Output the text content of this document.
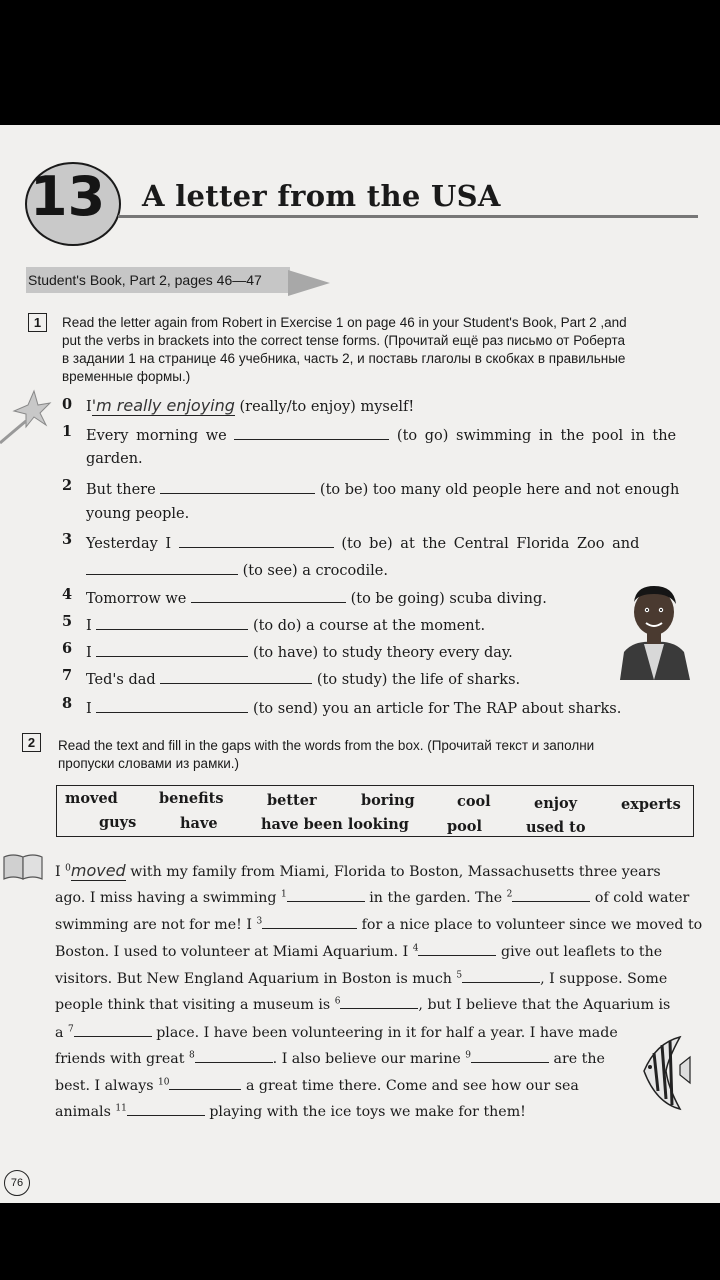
13 A letter from the USA
Student's Book, Part 2, pages 46—47
1	Read the letter again from Robert in Exercise 1 on page 46 in your Student's Book, Part 2 ,and
put the verbs in brackets into the correct tense forms. (Прочитай ещё раз письмо от Роберта
в задании 1 на странице 46 учебника, часть 2, и поставь глаголы в скобках в правильные
временные формы.)
0 I'm really enjoying (really/to enjoy) myself!
1 Every morning we	(to go) swimming in the pool in the
garden.
2 But there	(to be) too many old people here and not enough
young people.
3 Yesterday I	(to be) at the Central Florida Zoo and
(to see) a crocodile.
4 Tomorrow we	(to be going) scuba diving.
5 I	(to do) a course at the moment.
6 I	(to have) to study theory every day.
7 Ted's dad	(to study) the life of sharks.
8 I	(to send) you an article for The RAP about sharks.
2	Read the text and fill in the gaps with the words from the box. (Прочитай текст и заполни
пропуски словами из рамки.)
moved	benefits	better	boring	cool	enjoy	experts
guys	have	have been looking	pool	used to
I $^0$moved with my family from Miami, Florida to Boston, Massachusetts three years
ago. I miss having a swimming $^1$	in the garden. The $^2$	of cold water
swimming are not for me! I $^3$	for a nice place to volunteer since we moved to
Boston. I used to volunteer at Miami Aquarium. I $^4$	give out leaflets to the
visitors. But New England Aquarium in Boston is much $^5$	, I suppose. Some
people think that visiting a museum is $^6$	, but I believe that the Aquarium is
a $^7$	place. I have been volunteering in it for half a year. I have made
friends with great $^8$	. I also believe our marine $^9$	are the
best. I always $^{10}$	a great time there. Come and see how our sea
animals $^{11}$	playing with the ice toys we make for them!
76
